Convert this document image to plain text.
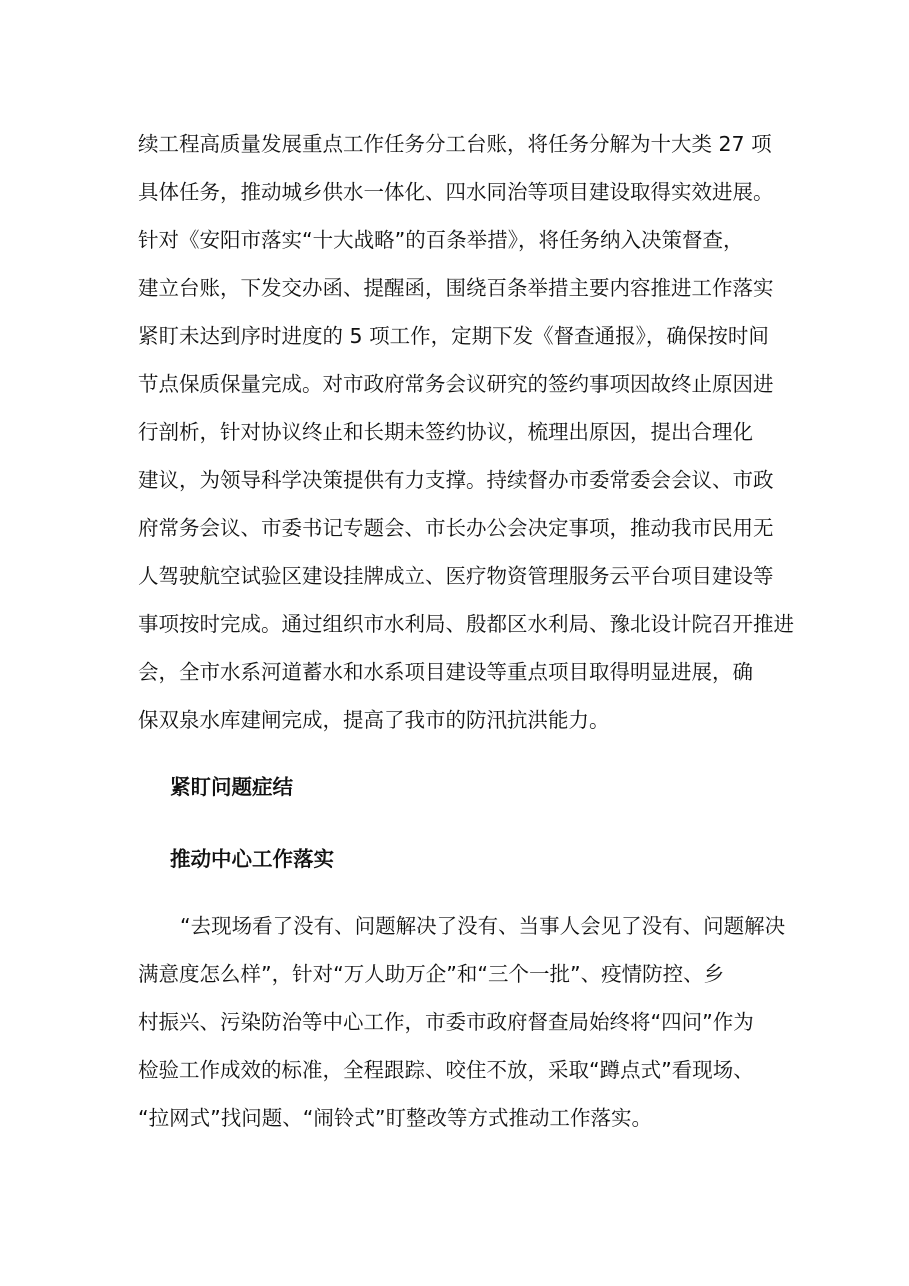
续工程高质量发展重点工作任务分工台账，将任务分解为十大类 27 项
具体任务，推动城乡供水一体化、四水同治等项目建设取得实效进展。
针对《安阳市落实“十大战略”的百条举措》，将任务纳入决策督查，
建立台账，下发交办函、提醒函，围绕百条举措主要内容推进工作落实
紧盯未达到序时进度的 5 项工作，定期下发《督查通报》，确保按时间
节点保质保量完成。对市政府常务会议研究的签约事项因故终止原因进
行剖析，针对协议终止和长期未签约协议，梳理出原因，提出合理化
建议，为领导科学决策提供有力支撑。持续督办市委常委会会议、市政
府常务会议、市委书记专题会、市长办公会决定事项，推动我市民用无
人驾驶航空试验区建设挂牌成立、医疗物资管理服务云平台项目建设等
事项按时完成。通过组织市水利局、殷都区水利局、豫北设计院召开推进
会，全市水系河道蓄水和水系项目建设等重点项目取得明显进展，确
保双泉水库建闸完成，提高了我市的防汛抗洪能力。
紧盯问题症结
推动中心工作落实
“去现场看了没有、问题解决了没有、当事人会见了没有、问题解决
满意度怎么样”，针对“万人助万企”和“三个一批”、疫情防控、乡
村振兴、污染防治等中心工作，市委市政府督查局始终将“四问”作为
检验工作成效的标准，全程跟踪、咬住不放，采取“蹲点式”看现场、
“拉网式”找问题、“闹铃式”盯整改等方式推动工作落实。
